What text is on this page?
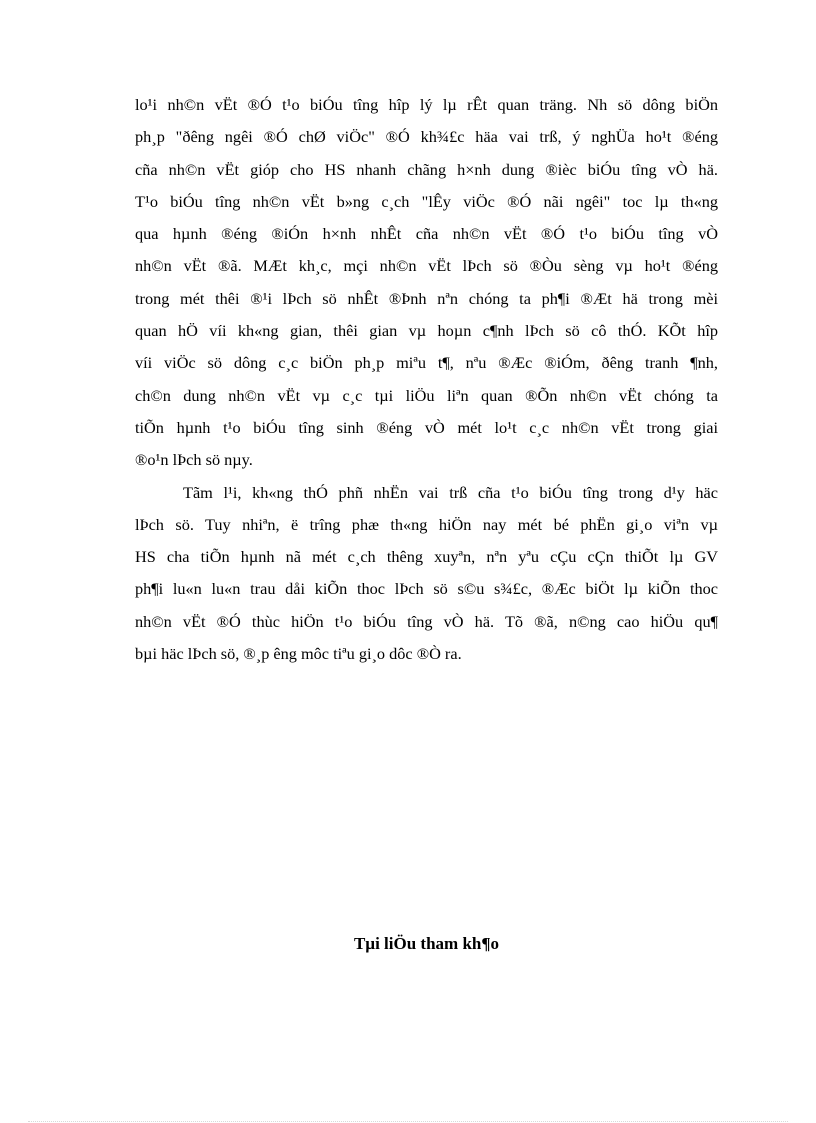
lo¹i nh©n vËt ®Ó t¹o biÓu tîng hîp lý lµ rÊt quan träng. Nh sö dông biÖn
ph¸p "ðêng ngêi ®Ó chØ viÖc" ®Ó kh¾£c häa vai trß, ý nghÜa ho¹t ®éng
cña nh©n vËt gióp cho HS nhanh chãng h×nh dung ®ièc biÓu tîng vÒ hä.
T¹o biÓu tîng nh©n vËt b»ng c¸ch "lÊy viÖc ®Ó nãi ngêi" toc lµ th«ng
qua hµnh ®éng ®iÓn h×nh nhÊt cña nh©n vËt ®Ó t¹o biÓu tîng vÒ
nh©n vËt ®ã. MÆt kh¸c, mçi nh©n vËt lÞch sö ®Òu sèng vµ ho¹t ®éng
trong mét thêi ®¹i lÞch sö nhÊt ®Þnh nªn chóng ta ph¶i ®Æt hä trong mèi
quan hÖ víi kh«ng gian, thêi gian vµ hoµn c¶nh lÞch sö cô thÓ. KÕt hîp
víi viÖc sö dông c¸c biÖn ph¸p miªu t¶, nªu ®Æc ®iÓm, ðêng tranh ¶nh,
ch©n dung nh©n vËt vµ c¸c tµi liÖu liªn quan ®Õn nh©n vËt chóng ta
tiÕn hµnh t¹o biÓu tîng sinh ®éng vÒ mét lo¹t c¸c nh©n vËt trong giai
®o¹n lÞch sö nµy.

Tãm l¹i, kh«ng thÓ phñ nhËn vai trß cña t¹o biÓu tîng trong d¹y häc
lÞch sö. Tuy nhiªn, ë trîng phæ th«ng hiÖn nay mét bé phËn gi¸o viªn vµ
HS cha tiÕn hµnh nã mét c¸ch thêng xuyªn, nªn yªu cÇu cÇn thiÕt lµ GV
ph¶i lu«n lu«n trau dåi kiÕn thoc lÞch sö s©u s¾£c, ®Æc biÖt lµ kiÕn thoc
nh©n vËt ®Ó thùc hiÖn t¹o biÓu tîng vÒ hä. Tõ ®ã, n©ng cao hiÖu qu¶
bµi häc lÞch sö, ®¸p êng môc tiªu gi¸o dôc ®Ò ra.

Tµi liÖu tham kh¶o
